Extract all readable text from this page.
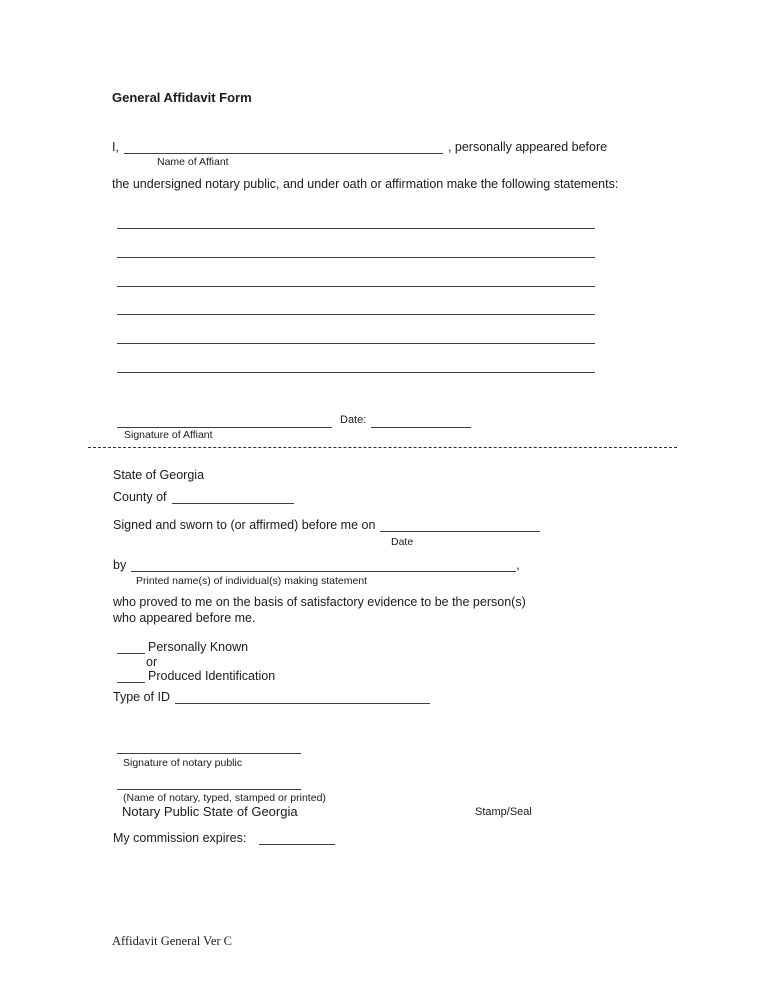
General Affidavit Form
I,	, personally appeared before
Name of Affiant
the undersigned notary public, and under oath or affirmation make the following statements:
Date:
Signature of Affiant
State of Georgia
County of
Signed and sworn to (or affirmed) before me on
Date
by	,
Printed name(s) of individual(s) making statement
who proved to me on the basis of satisfactory evidence to be the person(s)
who appeared before me.
Personally Known
or
Produced Identification
Type of ID
Signature of notary public
(Name of notary, typed, stamped or printed)
Notary Public State of Georgia	Stamp/Seal
My commission expires:
Affidavit General Ver C
